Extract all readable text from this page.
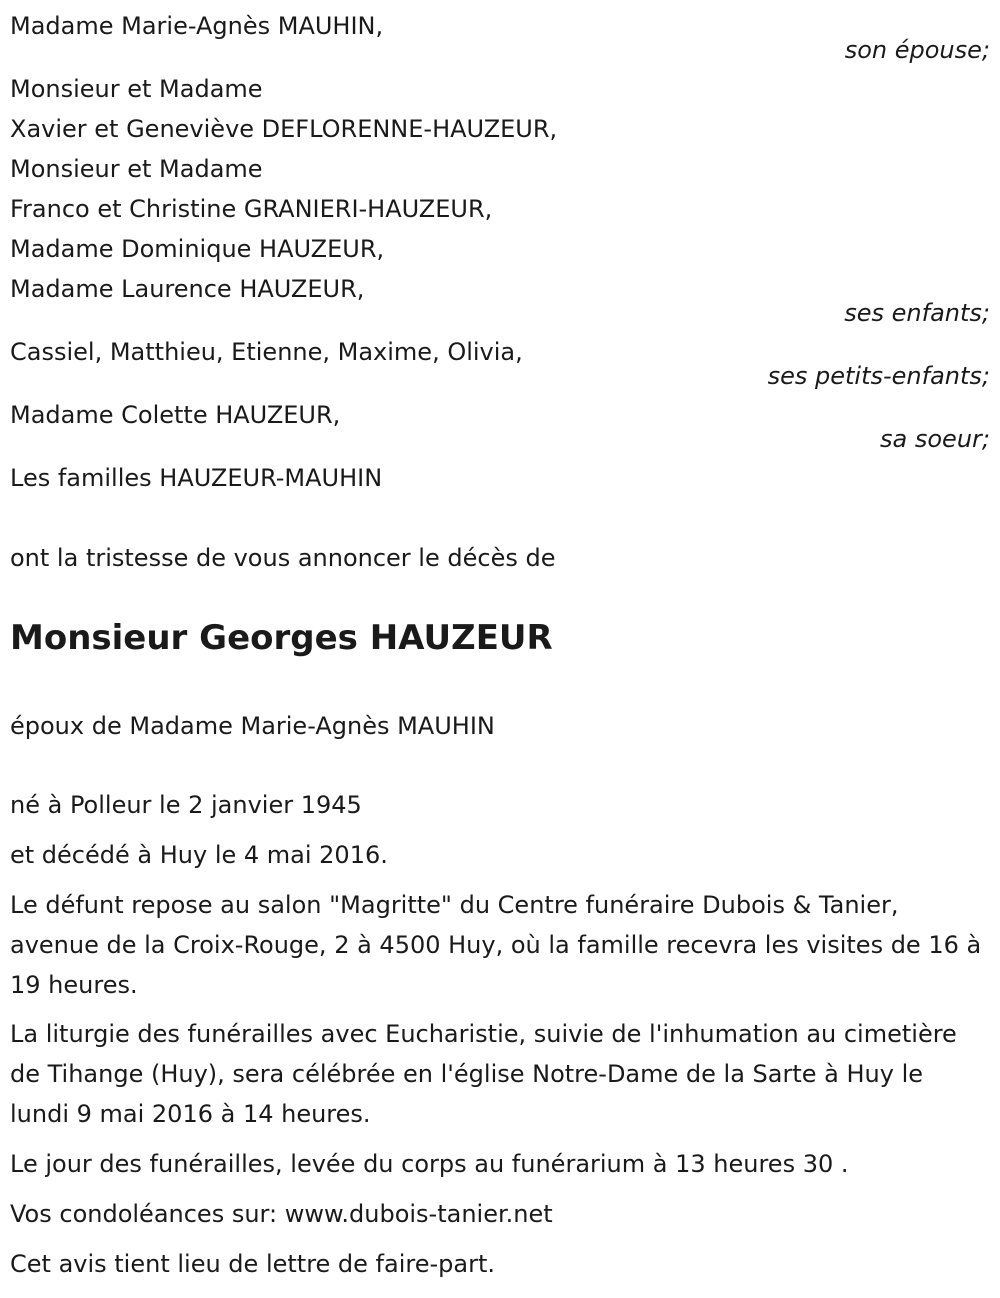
Madame Marie-Agnès MAUHIN,
son épouse;
Monsieur et Madame
Xavier et Geneviève DEFLORENNE-HAUZEUR,
Monsieur et Madame
Franco et Christine GRANIERI-HAUZEUR,
Madame Dominique HAUZEUR,
Madame Laurence HAUZEUR,
ses enfants;
Cassiel, Matthieu, Etienne, Maxime, Olivia,
ses petits-enfants;
Madame Colette HAUZEUR,
sa soeur;
Les familles HAUZEUR-MAUHIN
ont la tristesse de vous annoncer le décès de
Monsieur Georges HAUZEUR
époux de Madame Marie-Agnès MAUHIN
né à Polleur le 2 janvier 1945
et décédé à Huy le 4 mai 2016.
Le défunt repose au salon "Magritte" du Centre funéraire Dubois & Tanier, avenue de la Croix-Rouge, 2 à 4500 Huy, où la famille recevra les visites de 16 à 19 heures.
La liturgie des funérailles avec Eucharistie, suivie de l'inhumation au cimetière de Tihange (Huy), sera célébrée en l'église Notre-Dame de la Sarte à Huy le lundi 9 mai 2016 à 14 heures.
Le jour des funérailles, levée du corps au funérarium à 13 heures 30 .
Vos condoléances sur: www.dubois-tanier.net
Cet avis tient lieu de lettre de faire-part.
